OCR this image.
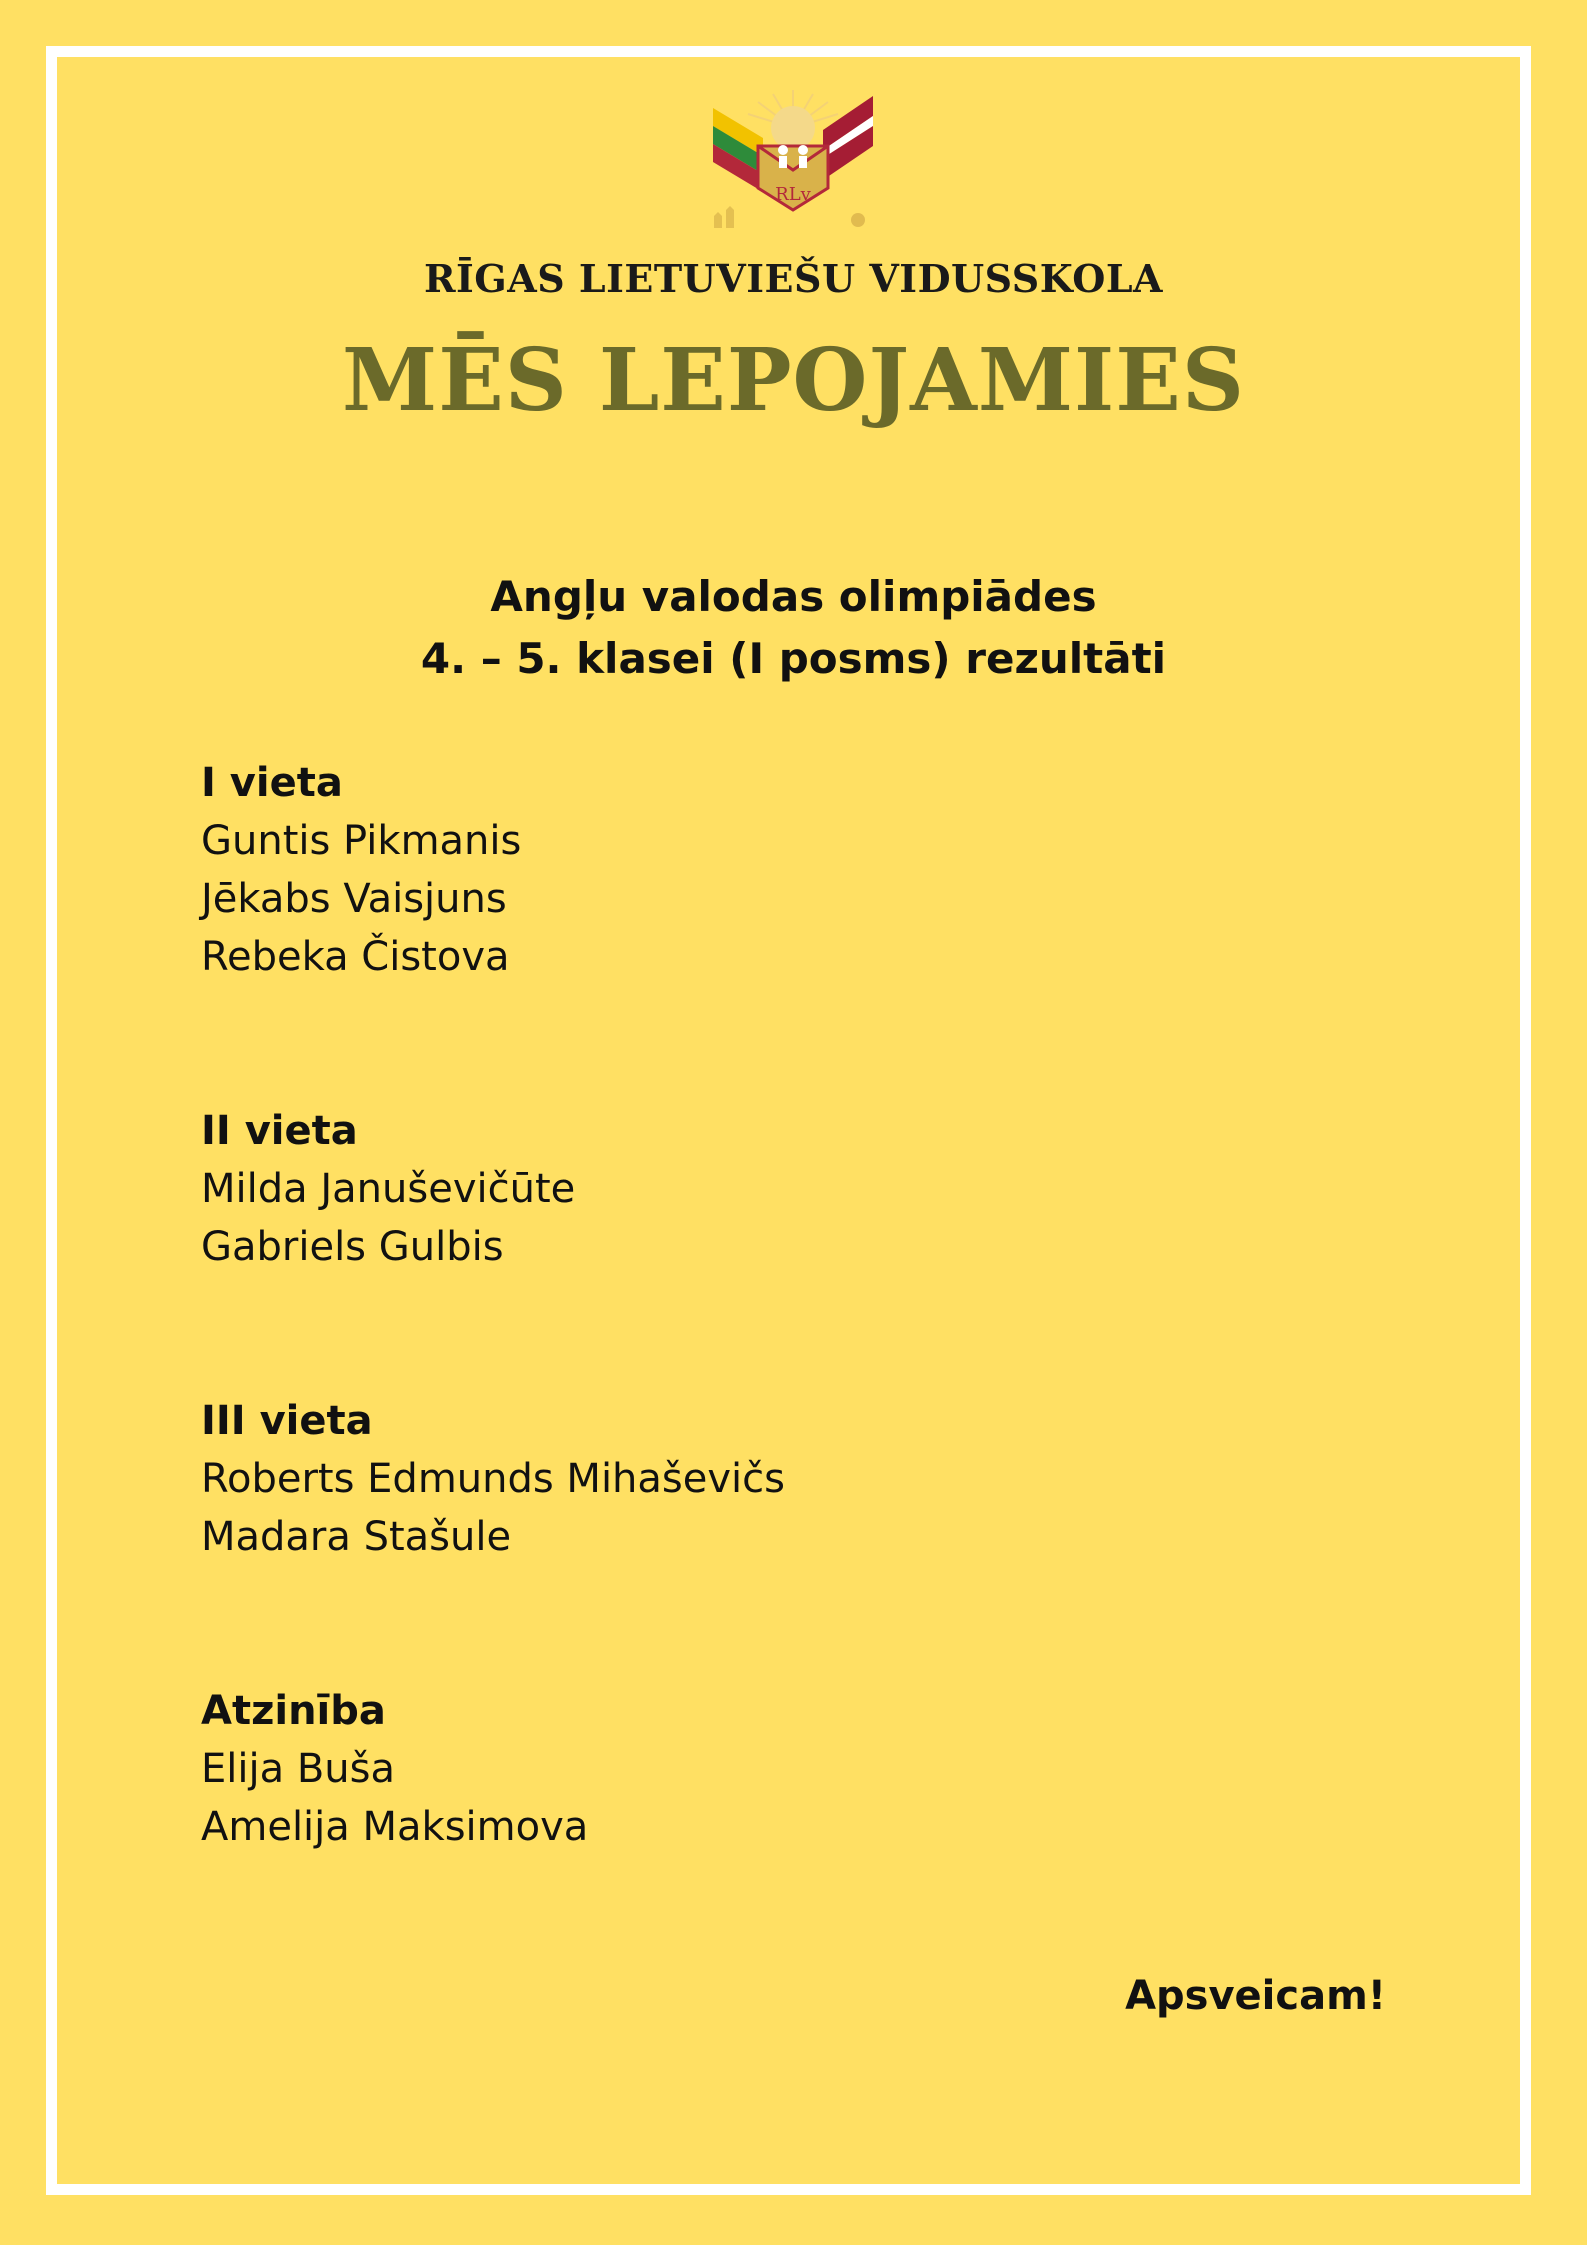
RLv
RĪGAS LIETUVIEŠU VIDUSSKOLA
MĒS LEPOJAMIES
Angļu valodas olimpiādes
4. – 5. klasei (I posms) rezultāti
I vieta
Guntis Pikmanis
Jēkabs Vaisjuns
Rebeka Čistova
II vieta
Milda Januševičūte
Gabriels Gulbis
III vieta
Roberts Edmunds Mihaševičs
Madara Stašule
Atzinība
Elija Buša
Amelija Maksimova
Apsveicam!
